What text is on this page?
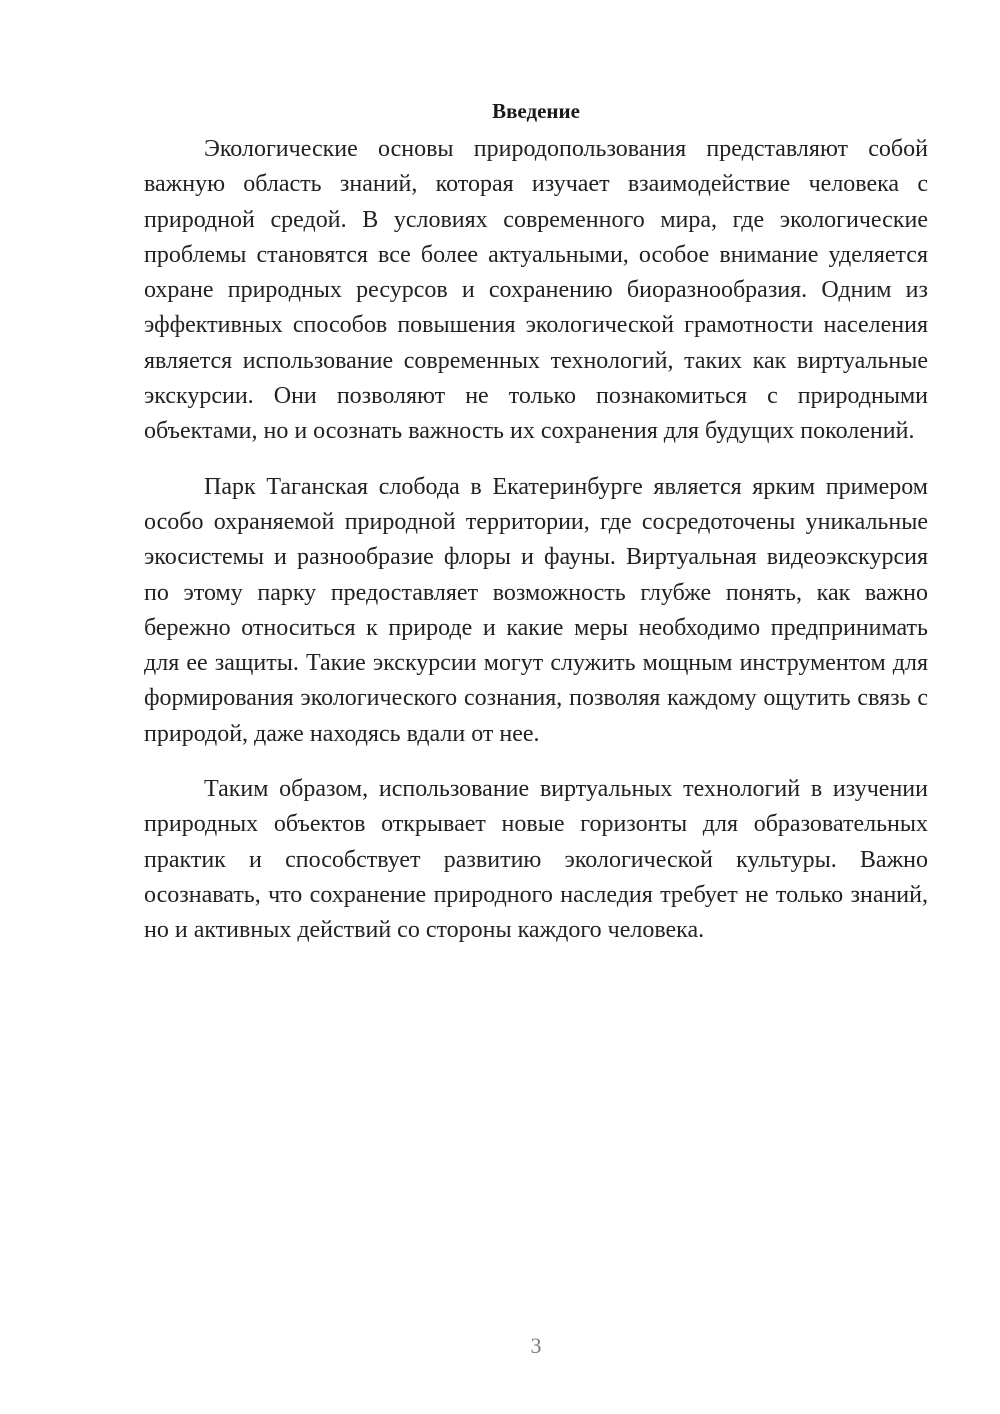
Введение

Экологические основы природопользования представляют собой важную область знаний, которая изучает взаимодействие человека с природной средой. В условиях современного мира, где экологические проблемы становятся все более актуальными, особое внимание уделяется охране природных ресурсов и сохранению биоразнообразия. Одним из эффективных способов повышения экологической грамотности населения является использование современных технологий, таких как виртуальные экскурсии. Они позволяют не только познакомиться с природными объектами, но и осознать важность их сохранения для будущих поколений.

Парк Таганская слобода в Екатеринбурге является ярким примером особо охраняемой природной территории, где сосредоточены уникальные экосистемы и разнообразие флоры и фауны. Виртуальная видеоэкскурсия по этому парку предоставляет возможность глубже понять, как важно бережно относиться к природе и какие меры необходимо предпринимать для ее защиты. Такие экскурсии могут служить мощным инструментом для формирования экологического сознания, позволяя каждому ощутить связь с природой, даже находясь вдали от нее.

Таким образом, использование виртуальных технологий в изучении природных объектов открывает новые горизонты для образовательных практик и способствует развитию экологической культуры. Важно осознавать, что сохранение природного наследия требует не только знаний, но и активных действий со стороны каждого человека.

3
